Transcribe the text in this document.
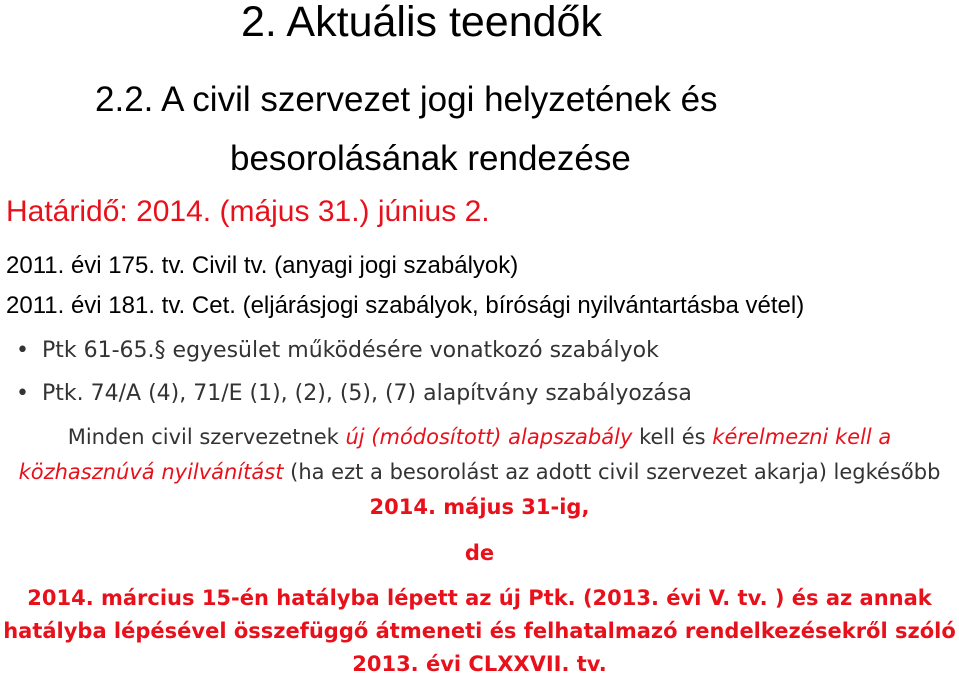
2. Aktuális teendők
2.2. A civil szervezet jogi helyzetének és
besorolásának rendezése
Határidő: 2014. (május 31.) június 2.
2011. évi 175. tv. Civil tv. (anyagi jogi szabályok)
2011. évi 181. tv. Cet. (eljárásjogi szabályok, bírósági nyilvántartásba vétel)
• Ptk 61-65.§ egyesület működésére vonatkozó szabályok
• Ptk. 74/A (4), 71/E (1), (2), (5), (7) alapítvány szabályozása
Minden civil szervezetnek új (módosított) alapszabály kell és kérelmezni kell a közhasznúvá nyilvánítást (ha ezt a besorolást az adott civil szervezet akarja) legkésőbb 2014. május 31-ig,
de
2014. március 15-én hatályba lépett az új Ptk. (2013. évi V. tv. ) és az annak hatályba lépésével összefüggő átmeneti és felhatalmazó rendelkezésekről szóló 2013. évi CLXXVII. tv.
